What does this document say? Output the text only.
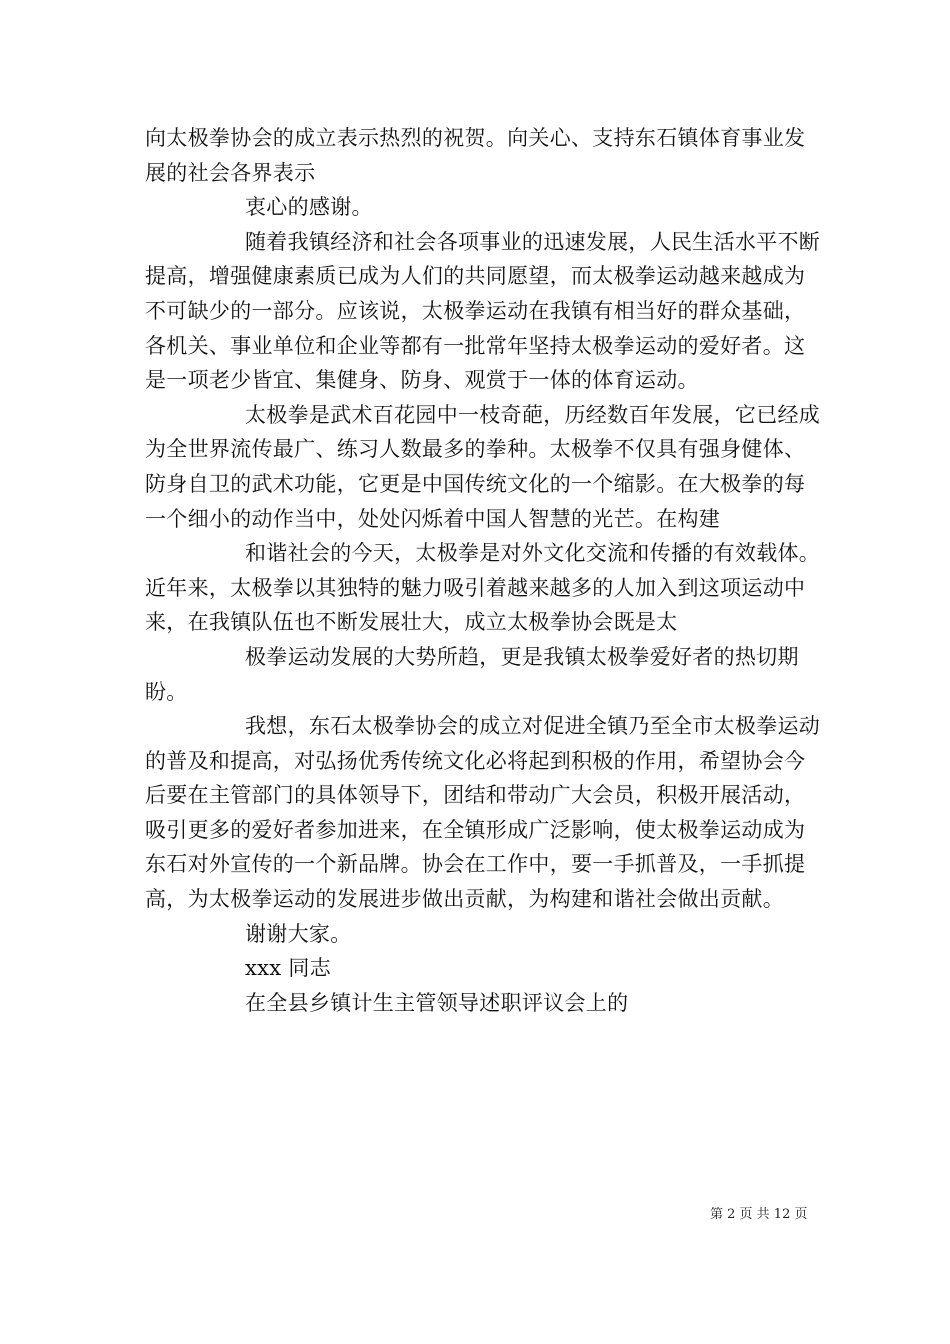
向太极拳协会的成立表示热烈的祝贺。向关心、支持东石镇体育事业发展的社会各界表示

衷心的感谢。

随着我镇经济和社会各项事业的迅速发展，人民生活水平不断提高，增强健康素质已成为人们的共同愿望，而太极拳运动越来越成为不可缺少的一部分。应该说，太极拳运动在我镇有相当好的群众基础，各机关、事业单位和企业等都有一批常年坚持太极拳运动的爱好者。这是一项老少皆宜、集健身、防身、观赏于一体的体育运动。

太极拳是武术百花园中一枝奇葩，历经数百年发展，它已经成为全世界流传最广、练习人数最多的拳种。太极拳不仅具有强身健体、防身自卫的武术功能，它更是中国传统文化的一个缩影。在大极拳的每一个细小的动作当中，处处闪烁着中国人智慧的光芒。在构建

和谐社会的今天，太极拳是对外文化交流和传播的有效载体。近年来，太极拳以其独特的魅力吸引着越来越多的人加入到这项运动中来，在我镇队伍也不断发展壮大，成立太极拳协会既是太

极拳运动发展的大势所趋，更是我镇太极拳爱好者的热切期盼。

我想，东石太极拳协会的成立对促进全镇乃至全市太极拳运动的普及和提高，对弘扬优秀传统文化必将起到积极的作用，希望协会今后要在主管部门的具体领导下，团结和带动广大会员，积极开展活动，吸引更多的爱好者参加进来，在全镇形成广泛影响，使太极拳运动成为东石对外宣传的一个新品牌。协会在工作中，要一手抓普及，一手抓提高，为太极拳运动的发展进步做出贡献，为构建和谐社会做出贡献。

谢谢大家。

xxx 同志

在全县乡镇计生主管领导述职评议会上的

第 2 页 共 12 页
